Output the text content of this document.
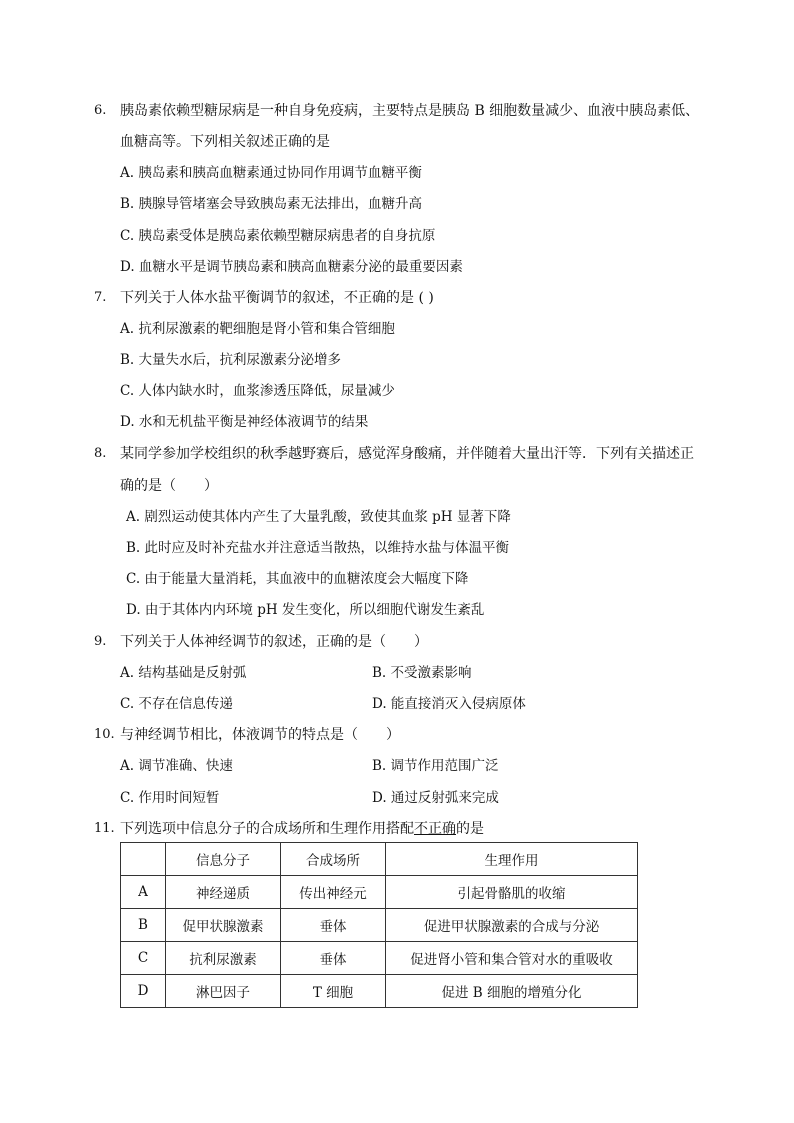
6. 胰岛素依赖型糖尿病是一种自身免疫病，主要特点是胰岛 B 细胞数量减少、血液中胰岛素低、
血糖高等。下列相关叙述正确的是
A. 胰岛素和胰高血糖素通过协同作用调节血糖平衡
B. 胰腺导管堵塞会导致胰岛素无法排出，血糖升高
C. 胰岛素受体是胰岛素依赖型糖尿病患者的自身抗原
D. 血糖水平是调节胰岛素和胰高血糖素分泌的最重要因素
7. 下列关于人体水盐平衡调节的叙述，不正确的是 ( )
A. 抗利尿激素的靶细胞是肾小管和集合管细胞
B. 大量失水后，抗利尿激素分泌增多
C. 人体内缺水时，血浆渗透压降低，尿量减少
D. 水和无机盐平衡是神经体液调节的结果
8. 某同学参加学校组织的秋季越野赛后，感觉浑身酸痛，并伴随着大量出汗等．下列有关描述正
确的是（　　）
A. 剧烈运动使其体内产生了大量乳酸，致使其血浆 pH 显著下降
B. 此时应及时补充盐水并注意适当散热，以维持水盐与体温平衡
C. 由于能量大量消耗，其血液中的血糖浓度会大幅度下降
D. 由于其体内内环境 pH 发生变化，所以细胞代谢发生紊乱
9. 下列关于人体神经调节的叙述，正确的是（　　）
A. 结构基础是反射弧	B. 不受激素影响
C. 不存在信息传递	D. 能直接消灭入侵病原体
10. 与神经调节相比，体液调节的特点是（　　）
A. 调节准确、快速	B. 调节作用范围广泛
C. 作用时间短暂	D. 通过反射弧来完成
11. 下列选项中信息分子的合成场所和生理作用搭配不正确的是
	信息分子	合成场所	生理作用
A	神经递质	传出神经元	引起骨骼肌的收缩
B	促甲状腺激素	垂体	促进甲状腺激素的合成与分泌
C	抗利尿激素	垂体	促进肾小管和集合管对水的重吸收
D	淋巴因子	T 细胞	促进 B 细胞的增殖分化
